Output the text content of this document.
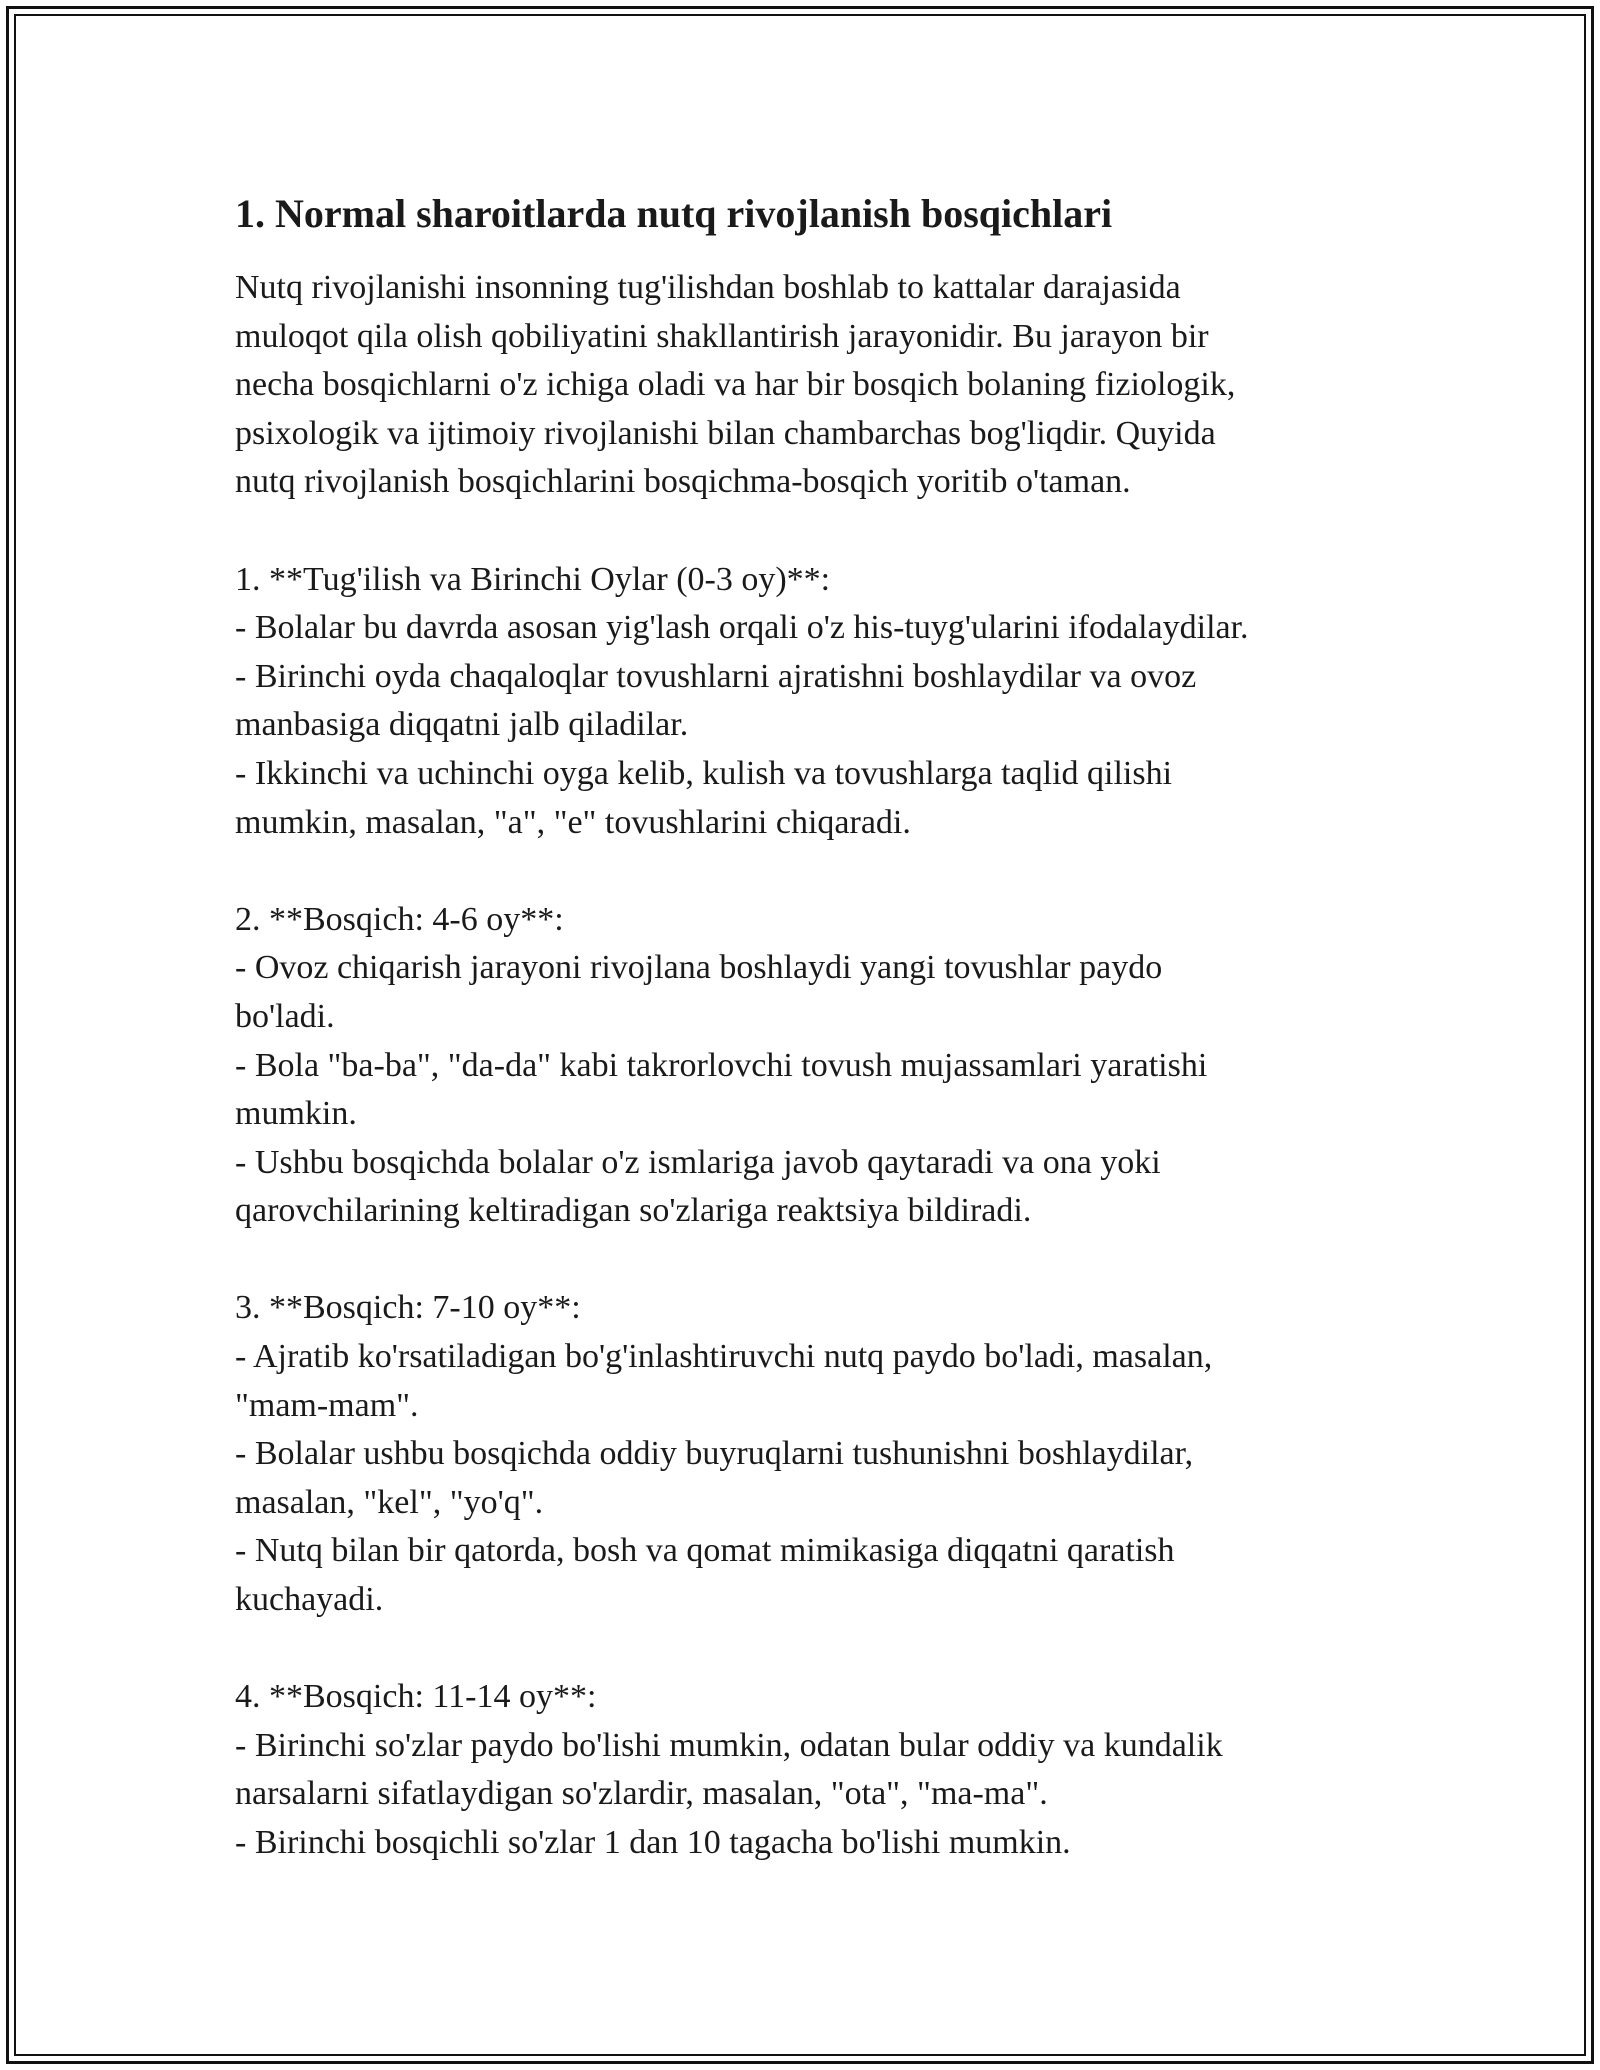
1. Normal sharoitlarda nutq rivojlanish bosqichlari

Nutq rivojlanishi insonning tug'ilishdan boshlab to kattalar darajasida
muloqot qila olish qobiliyatini shakllantirish jarayonidir. Bu jarayon bir
necha bosqichlarni o'z ichiga oladi va har bir bosqich bolaning fiziologik,
psixologik va ijtimoiy rivojlanishi bilan chambarchas bog'liqdir. Quyida
nutq rivojlanish bosqichlarini bosqichma-bosqich yoritib o'taman.

1. **Tug'ilish va Birinchi Oylar (0-3 oy)**:
- Bolalar bu davrda asosan yig'lash orqali o'z his-tuyg'ularini ifodalaydilar.
- Birinchi oyda chaqaloqlar tovushlarni ajratishni boshlaydilar va ovoz
manbasiga diqqatni jalb qiladilar.
- Ikkinchi va uchinchi oyga kelib, kulish va tovushlarga taqlid qilishi
mumkin, masalan, "a", "e" tovushlarini chiqaradi.

2. **Bosqich: 4-6 oy**:
- Ovoz chiqarish jarayoni rivojlana boshlaydi yangi tovushlar paydo
bo'ladi.
- Bola "ba-ba", "da-da" kabi takrorlovchi tovush mujassamlari yaratishi
mumkin.
- Ushbu bosqichda bolalar o'z ismlariga javob qaytaradi va ona yoki
qarovchilarining keltiradigan so'zlariga reaktsiya bildiradi.

3. **Bosqich: 7-10 oy**:
- Ajratib ko'rsatiladigan bo'g'inlashtiruvchi nutq paydo bo'ladi, masalan,
"mam-mam".
- Bolalar ushbu bosqichda oddiy buyruqlarni tushunishni boshlaydilar,
masalan, "kel", "yo'q".
- Nutq bilan bir qatorda, bosh va qomat mimikasiga diqqatni qaratish
kuchayadi.

4. **Bosqich: 11-14 oy**:
- Birinchi so'zlar paydo bo'lishi mumkin, odatan bular oddiy va kundalik
narsalarni sifatlaydigan so'zlardir, masalan, "ota", "ma-ma".
- Birinchi bosqichli so'zlar 1 dan 10 tagacha bo'lishi mumkin.
